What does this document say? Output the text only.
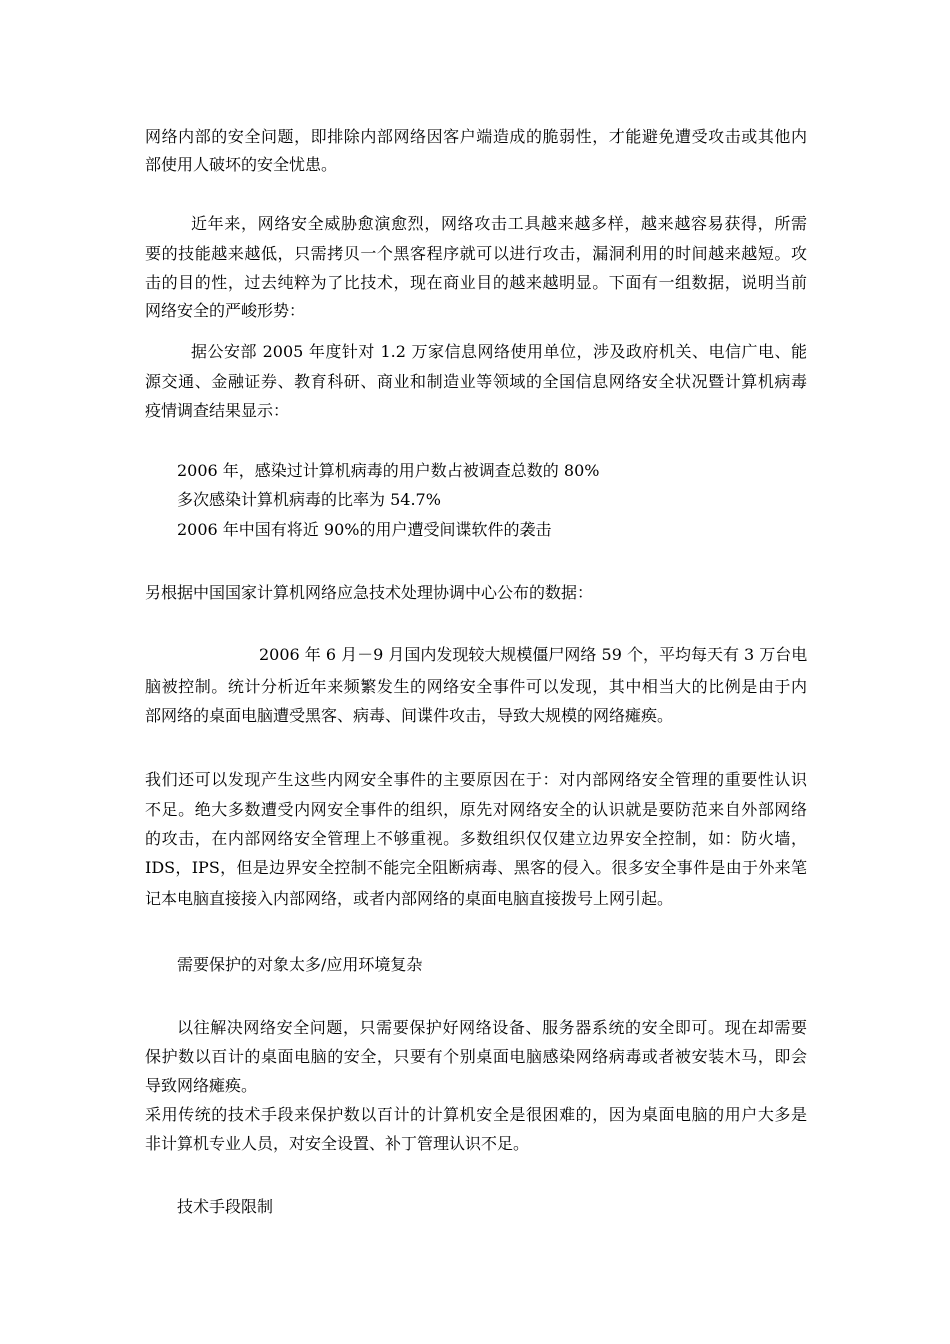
网络内部的安全问题，即排除内部网络因客户端造成的脆弱性，才能避免遭受攻击或其他内
部使用人破坏的安全忧患。
近年来，网络安全威胁愈演愈烈，网络攻击工具越来越多样，越来越容易获得，所需
要的技能越来越低，只需拷贝一个黑客程序就可以进行攻击，漏洞利用的时间越来越短。攻
击的目的性，过去纯粹为了比技术，现在商业目的越来越明显。下面有一组数据，说明当前
网络安全的严峻形势：
据公安部 2005 年度针对 1.2 万家信息网络使用单位，涉及政府机关、电信广电、能
源交通、金融证券、教育科研、商业和制造业等领域的全国信息网络安全状况暨计算机病毒
疫情调查结果显示：
2006 年，感染过计算机病毒的用户数占被调查总数的 80%
多次感染计算机病毒的比率为 54.7%
2006 年中国有将近 90%的用户遭受间谍软件的袭击
另根据中国国家计算机网络应急技术处理协调中心公布的数据：
2006 年 6 月－9 月国内发现较大规模僵尸网络 59 个，平均每天有 3 万台电
脑被控制。统计分析近年来频繁发生的网络安全事件可以发现，其中相当大的比例是由于内
部网络的桌面电脑遭受黑客、病毒、间谍件攻击，导致大规模的网络瘫痪。
我们还可以发现产生这些内网安全事件的主要原因在于：对内部网络安全管理的重要性认识
不足。绝大多数遭受内网安全事件的组织，原先对网络安全的认识就是要防范来自外部网络
的攻击，在内部网络安全管理上不够重视。多数组织仅仅建立边界安全控制，如：防火墙，
IDS，IPS，但是边界安全控制不能完全阻断病毒、黑客的侵入。很多安全事件是由于外来笔
记本电脑直接接入内部网络，或者内部网络的桌面电脑直接拨号上网引起。
需要保护的对象太多/应用环境复杂
以往解决网络安全问题，只需要保护好网络设备、服务器系统的安全即可。现在却需要
保护数以百计的桌面电脑的安全，只要有个别桌面电脑感染网络病毒或者被安装木马，即会
导致网络瘫痪。
采用传统的技术手段来保护数以百计的计算机安全是很困难的，因为桌面电脑的用户大多是
非计算机专业人员，对安全设置、补丁管理认识不足。
技术手段限制
